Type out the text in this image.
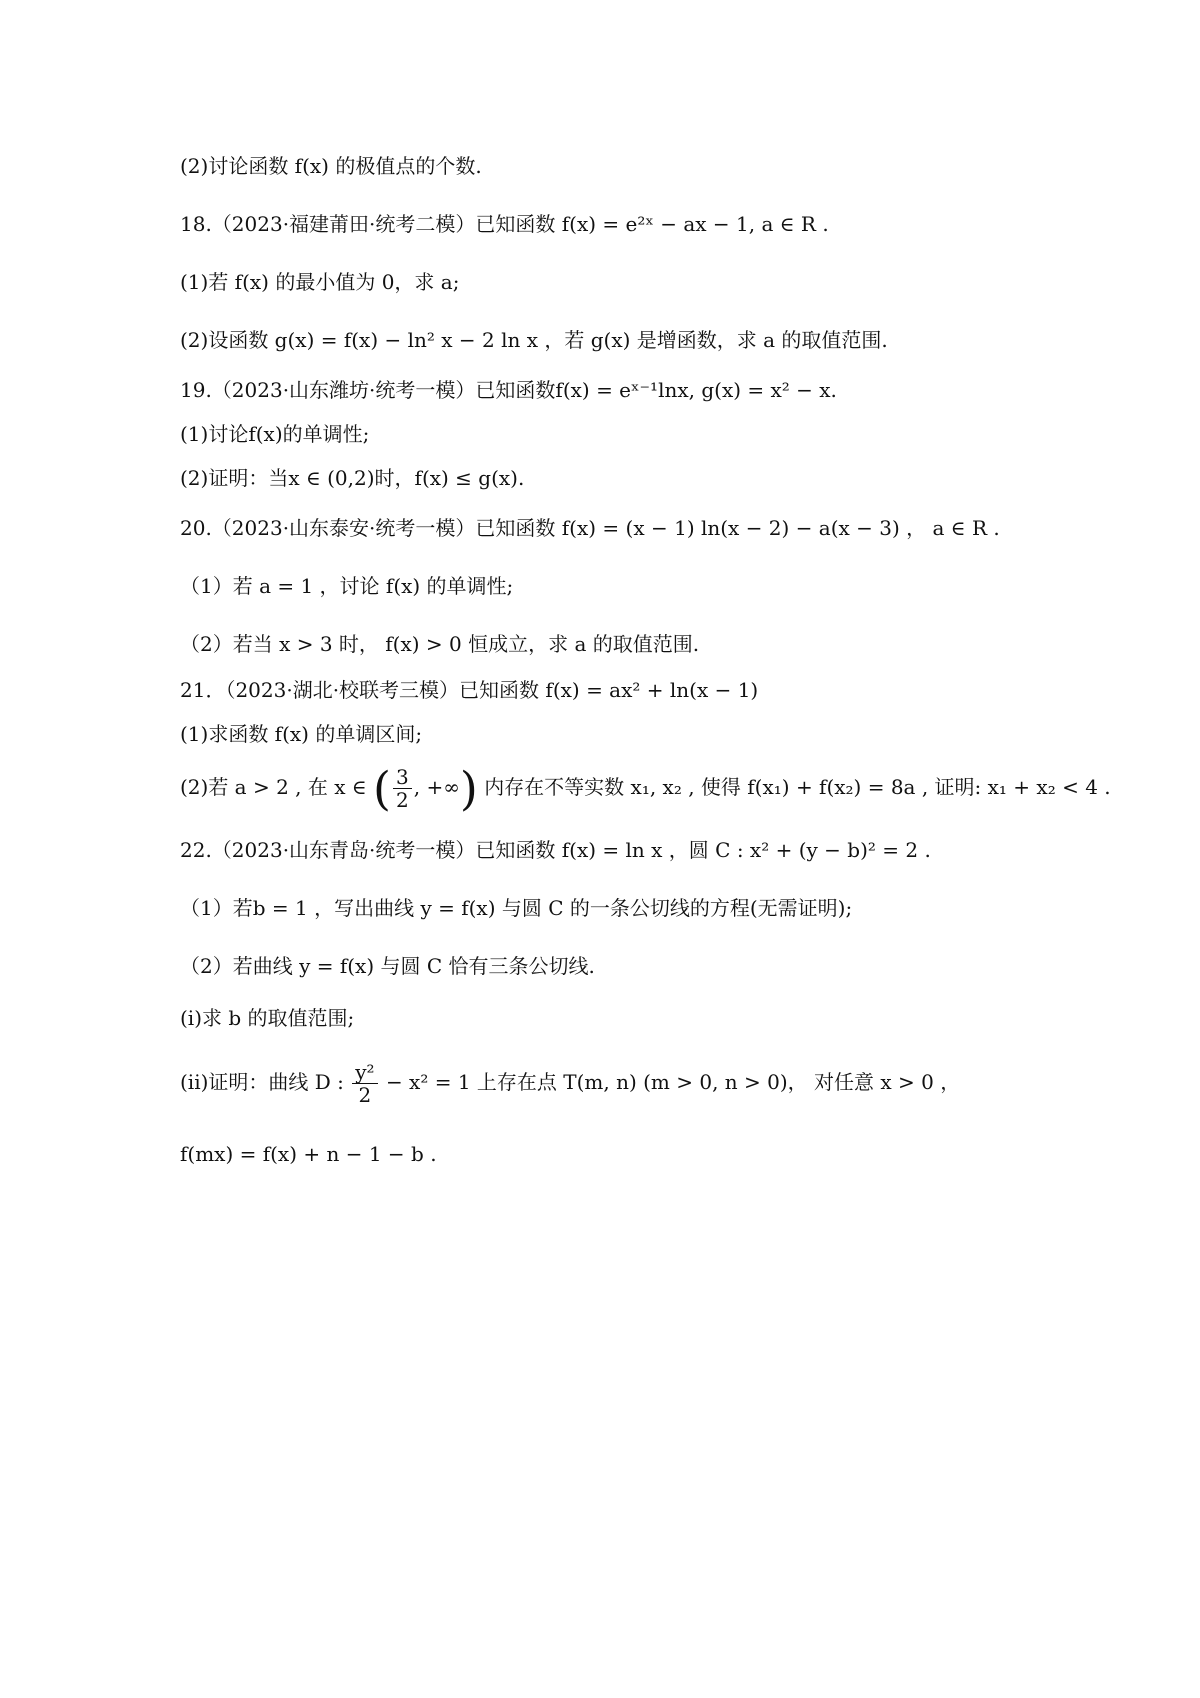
(2)讨论函数 f(x) 的极值点的个数.
18.（2023·福建莆田·统考二模）已知函数 f(x) = e²ˣ − ax − 1, a ∈ R .
(1)若 f(x) 的最小值为 0，求 a;
(2)设函数 g(x) = f(x) − ln² x − 2 ln x ，若 g(x) 是增函数，求 a 的取值范围.
19.（2023·山东潍坊·统考一模）已知函数f(x) = eˣ⁻¹lnx, g(x) = x² − x.
(1)讨论f(x)的单调性;
(2)证明：当x ∈ (0,2)时，f(x) ≤ g(x).
20.（2023·山东泰安·统考一模）已知函数 f(x) = (x − 1) ln(x − 2) − a(x − 3) ， a ∈ R .
（1）若 a = 1 ，讨论 f(x) 的单调性;
（2）若当 x > 3 时， f(x) > 0 恒成立，求 a 的取值范围.
21．（2023·湖北·校联考三模）已知函数 f(x) = ax² + ln(x − 1)
(1)求函数 f(x) 的单调区间;
(2)若 a > 2 , 在 x ∈ ( $\frac{3}{2}$ , +∞) 内存在不等实数 x₁, x₂ , 使得 f(x₁) + f(x₂) = 8a , 证明: x₁ + x₂ < 4 .
22.（2023·山东青岛·统考一模）已知函数 f(x) = ln x ，圆 C : x² + (y − b)² = 2 .
（1）若b = 1 ，写出曲线 y = f(x) 与圆 C 的一条公切线的方程(无需证明);
（2）若曲线 y = f(x) 与圆 C 恰有三条公切线.
(i)求 b 的取值范围;
(ii)证明：曲线 D : $\frac{\text{y²}}{2} - x^2 = 1$ 上存在点 T(m, n) (m > 0, n > 0)， 对任意 x > 0 ，
f(mx) = f(x) + n − 1 − b .
